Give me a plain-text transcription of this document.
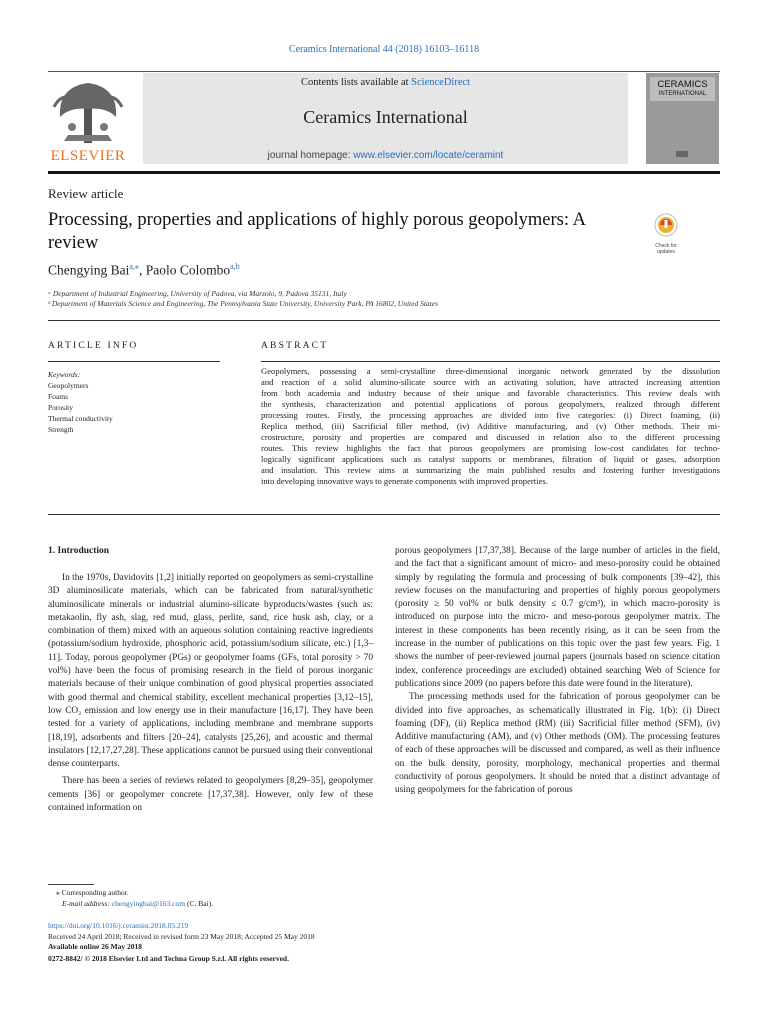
Ceramics International 44 (2018) 16103–16118
ELSEVIER
Contents lists available at ScienceDirect
Ceramics International
journal homepage: www.elsevier.com/locate/ceramint
CERAMICS
INTERNATIONAL
Review article
Processing, properties and applications of highly porous geopolymers: A review	Check for
updates
Chengying Bai$^{a,⁎}$, Paolo Colombo$^{a,b}$
ᵃ Department of Industrial Engineering, University of Padova, via Marzolo, 9, Padova 35131, Italy
ᵇ Department of Materials Science and Engineering, The Pennsylvania State University, University Park, PA 16802, United States
ARTICLE INFO	ABSTRACT
Keywords:
Geopolymers
Foams
Porosity
Thermal conductivity
Strength
Geopolymers, possessing a semi-crystalline three-dimensional inorganic network generated by the dissolution
and reaction of a solid alumino-silicate source with an activating solution, have attracted increasing attention
from both academia and industry because of their unique and favorable characteristics. This review deals with
the synthesis, characterization and potential applications of porous geopolymers, realized through different
processing routes. Firstly, the processing approaches are divided into five categories: (i) Direct foaming, (ii)
Replica method, (iii) Sacrificial filler method, (iv) Additive manufacturing, and (v) Other methods. Their mi-
crostructure, porosity and properties are compared and discussed in relation also to the different processing
routes. This review highlights the fact that porous geopolymers are promising low-cost candidates for techno-
logically significant applications such as catalyst supports or membranes, filtration of liquid or gases, adsorption
and insulation. This review aims at summarizing the main published results and fostering further investigations
into developing innovative ways to generate components with improved properties.
1. Introduction

In the 1970s, Davidovits [1,2] initially reported on geopolymers as semi-crystalline 3D aluminosilicate materials, which can be fabricated from natural/synthetic aluminosilicate minerals or industrial alumino-silicate byproducts/wastes (such as: metakaolin, fly ash, slag, red mud, glass, perlite, sand, rice husk ash, clay, or a combination of them) mixed with an aqueous solution containing reactive ingredients (potassium/sodium hydroxide, phosphoric acid, potassium/sodium silicate, etc.) [1,3–11]. Today, porous geopolymer (PGs) or geopolymer foams (GFs, total porosity > 70 vol%) have been the focus of promising research in the field of porous inorganic materials because of their unique combination of good physical properties associated with good thermal and chemical stability, excellent mechanical properties [3,12–15], low CO₂ emission and low energy use in their manufacture [16,17]. They have been tested for a variety of applications, including membrane and membrane supports [18,19], adsorbents and filters [20–24], catalysts [25,26], and acoustic and thermal insulators [12,17,27,28]. These applications cannot be pursued using their conventional dense counterparts.

There has been a series of reviews related to geopolymers [8,29–35], geopolymer cements [36] or geopolymer concrete [17,37,38]. However, only few of these contained information on

porous geopolymers [17,37,38]. Because of the large number of articles in the field, and the fact that a significant amount of micro- and meso-porosity could be obtained simply by regulating the formula and processing of bulk components [39–42], this review focuses on the manufacturing and properties of highly porous geopolymers (porosity ≥ 50 vol% or bulk density ≤ 0.7 g/cm³), in which macro-porosity is introduced on purpose into the micro- and meso-porous geopolymer matrix. The interest in these components has been recently rising, as it can be seen from the increase in the number of publications on this topic over the past few years. Fig. 1 shows the number of peer-reviewed journal papers (journals based on science citation index, conference proceedings are excluded) obtained searching Web of Science for publications since 2009 (no papers before this date were found in the literature).

The processing methods used for the fabrication of porous geopolymer can be divided into five approaches, as schematically illustrated in Fig. 1(b): (i) Direct foaming (DF), (ii) Replica method (RM) (iii) Sacrificial filler method (SFM), (iv) Additive manufacturing (AM), and (v) Other methods (OM). The processing features of each of these approaches will be discussed and compared, as well as their influence on the bulk density, porosity, morphology, mechanical properties and thermal conductivity of porous geopolymers. It should be noted that a distinct advantage of using geopolymers for the fabrication of porous

⁎ Corresponding author.
E-mail address: chengyingbai@163.com (C. Bai).
https://doi.org/10.1016/j.ceramint.2018.05.219
Received 24 April 2018; Received in revised form 23 May 2018; Accepted 25 May 2018
Available online 26 May 2018
0272-8842/ © 2018 Elsevier Ltd and Techna Group S.r.l. All rights reserved.
